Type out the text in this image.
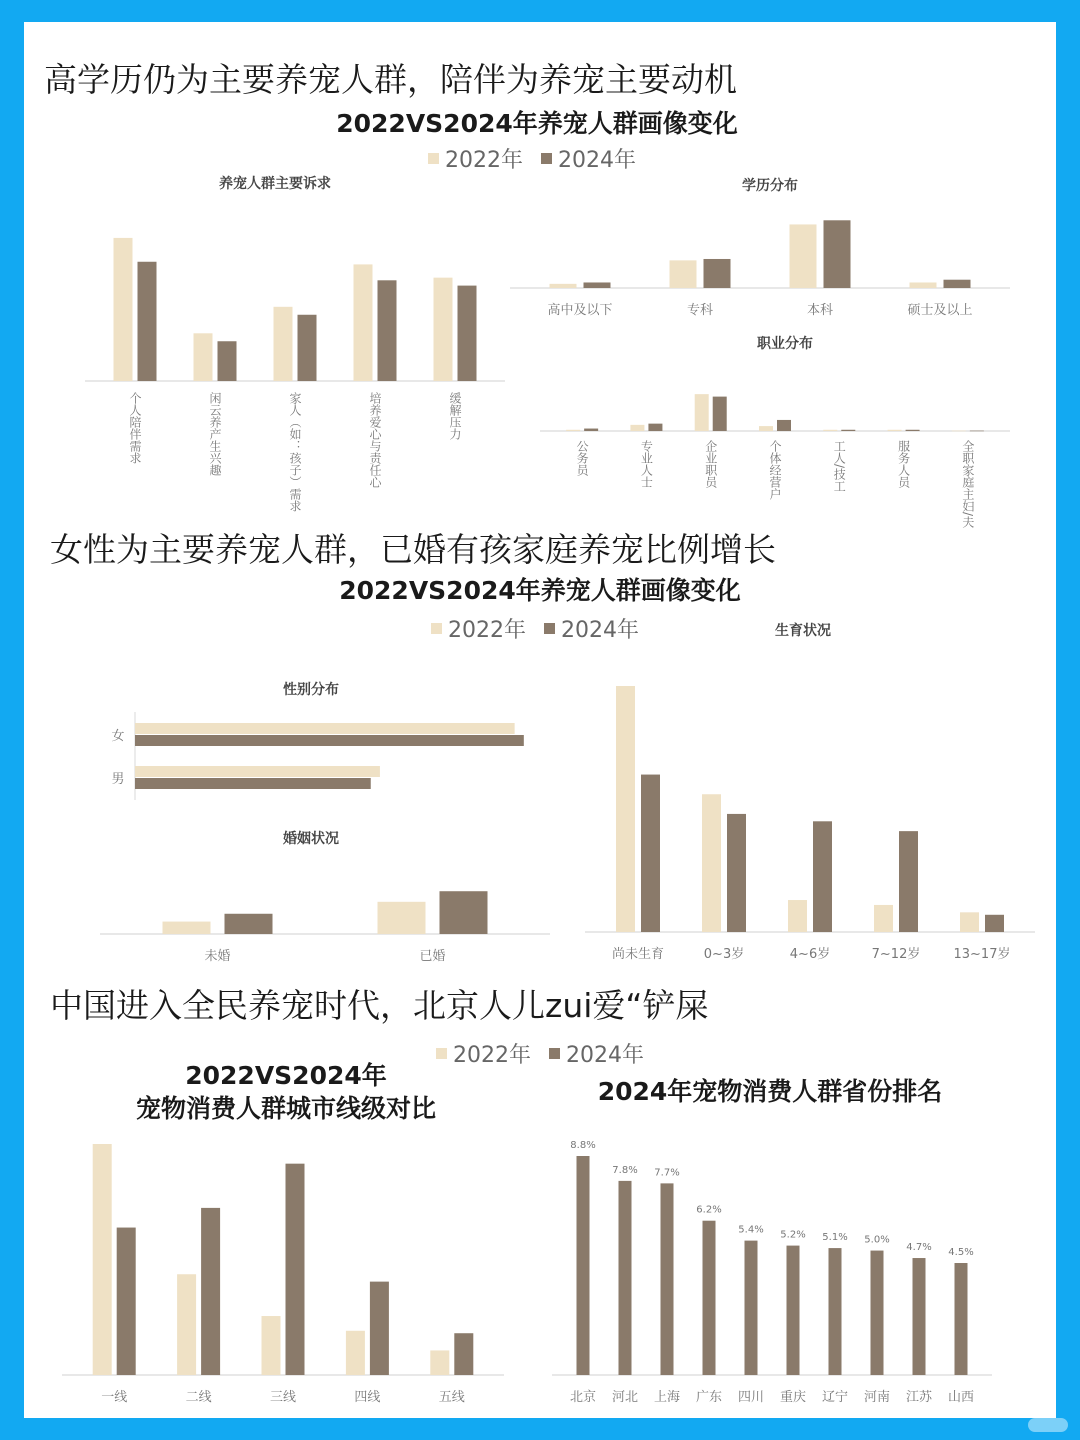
高学历仍为主要养宠人群，陪伴为养宠主要动机
2022VS2024年养宠人群画像变化
2022年 2024年
养宠人群主要诉求
个人陪伴需求	闲云养产生兴趣	家人（如：孩子）需求	培养爱心与责任心	缓解压力
学历分布
高中及以下	专科	本科	硕士及以上
职业分布
公务员	专业人士	企业职员	个体经营户	工人/技工	服务人员	全职家庭主妇/夫
女性为主要养宠人群，已婚有孩家庭养宠比例增长
2022VS2024年养宠人群画像变化
2022年 2024年	生育状况
性别分布
女
男
婚姻状况
未婚	已婚	尚未生育	0~3岁	4~6岁	7~12岁	13~17岁
中国进入全民养宠时代，北京人儿zui爱“铲屎
2022年 2024年
2022VS2024年
宠物消费人群城市线级对比
一线	二线	三线	四线	五线
2024年宠物消费人群省份排名
8.8%
北京
7.8%
河北
7.7%
上海
6.2%
广东
5.4%
四川
5.2%
重庆
5.1%
辽宁
5.0%
河南
4.7%
江苏
4.5%
山西
